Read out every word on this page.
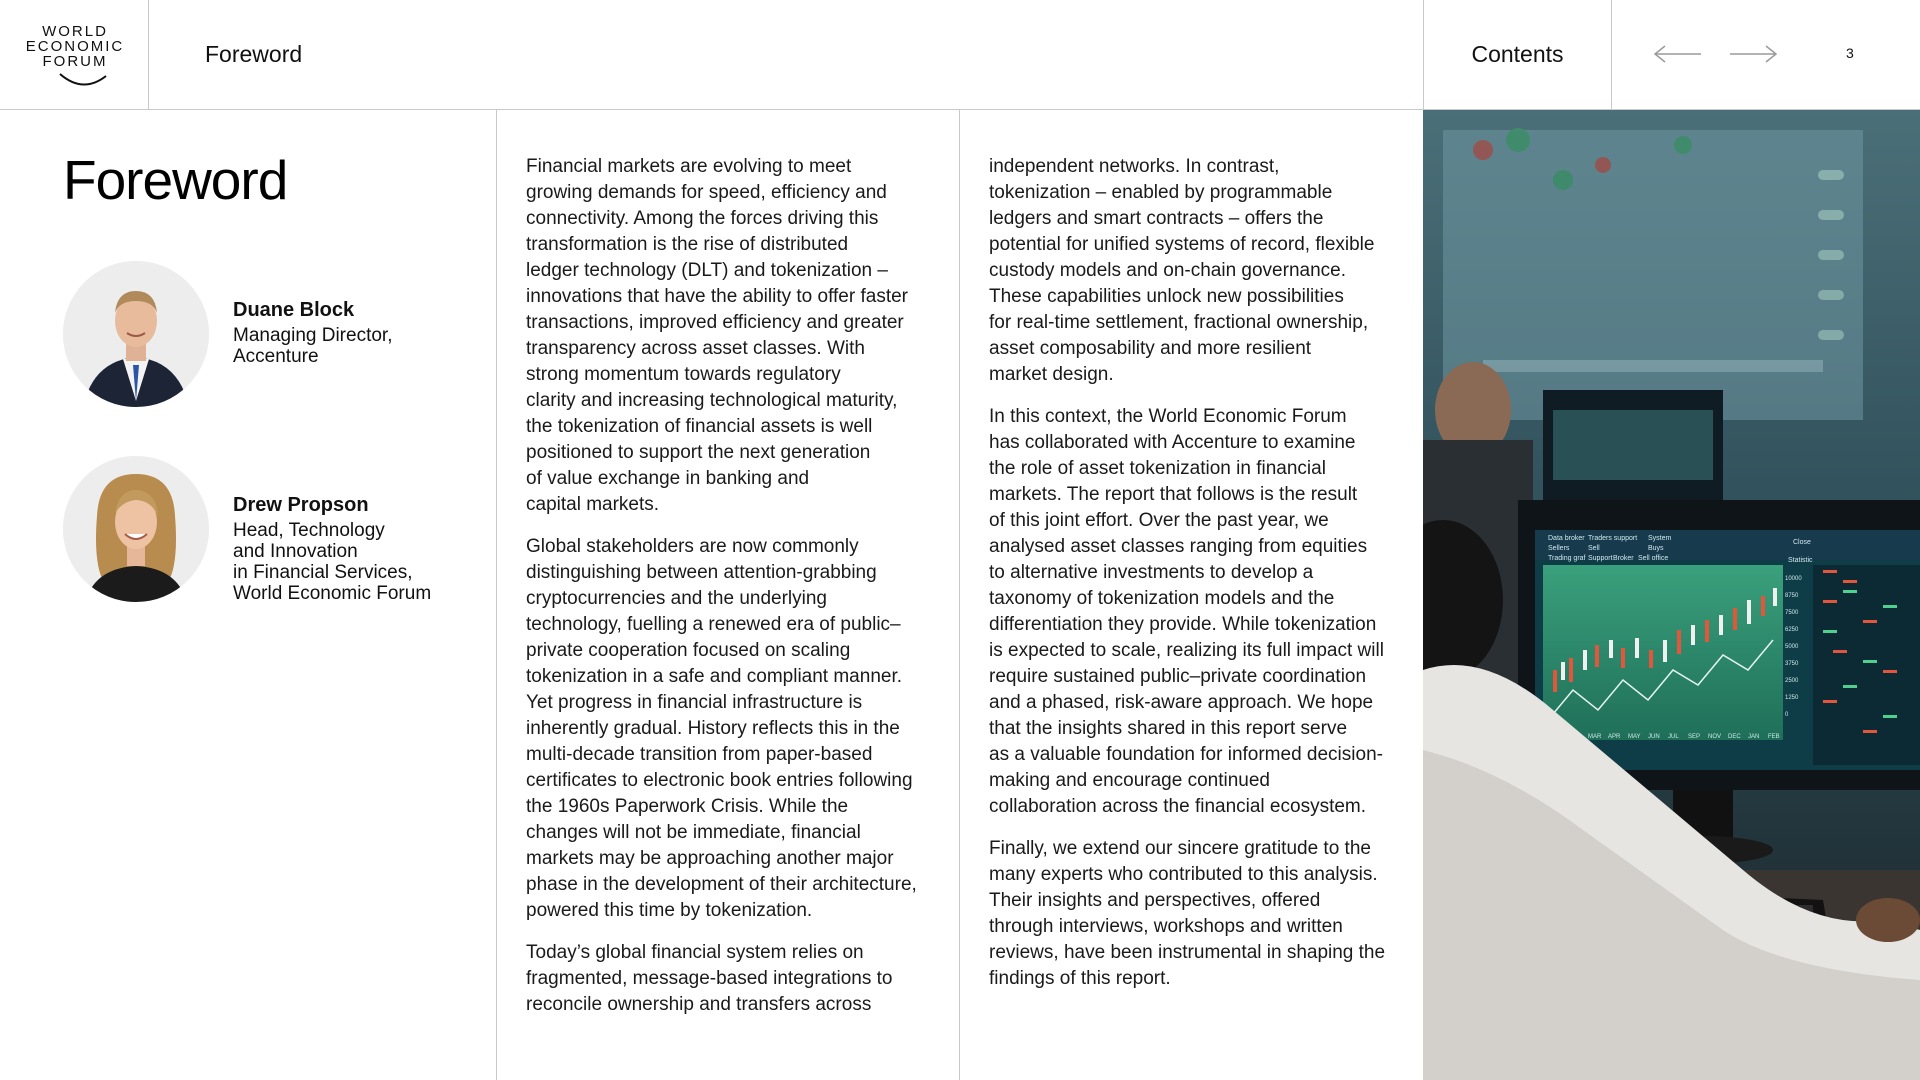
WORLD
ECONOMIC
FORUM	Foreword	Contents	3
Foreword
Duane Block
Managing Director,
Accenture
Drew Propson
Head, Technology
and Innovation
in Financial Services,
World Economic Forum

Financial markets are evolving to meet
growing demands for speed, efficiency and
connectivity. Among the forces driving this
transformation is the rise of distributed
ledger technology (DLT) and tokenization –
innovations that have the ability to offer faster
transactions, improved efficiency and greater
transparency across asset classes. With
strong momentum towards regulatory
clarity and increasing technological maturity,
the tokenization of financial assets is well
positioned to support the next generation
of value exchange in banking and
capital markets.

Global stakeholders are now commonly
distinguishing between attention-grabbing
cryptocurrencies and the underlying
technology, fuelling a renewed era of public–
private cooperation focused on scaling
tokenization in a safe and compliant manner.
Yet progress in financial infrastructure is
inherently gradual. History reflects this in the
multi-decade transition from paper-based
certificates to electronic book entries following
the 1960s Paperwork Crisis. While the
changes will not be immediate, financial
markets may be approaching another major
phase in the development of their architecture,
powered this time by tokenization.

Today’s global financial system relies on
fragmented, message-based integrations to
reconcile ownership and transfers across

independent networks. In contrast,
tokenization – enabled by programmable
ledgers and smart contracts – offers the
potential for unified systems of record, flexible
custody models and on-chain governance.
These capabilities unlock new possibilities
for real-time settlement, fractional ownership,
asset composability and more resilient
market design.

In this context, the World Economic Forum
has collaborated with Accenture to examine
the role of asset tokenization in financial
markets. The report that follows is the result
of this joint effort. Over the past year, we
analysed asset classes ranging from equities
to alternative investments to develop a
taxonomy of tokenization models and the
differentiation they provide. While tokenization
is expected to scale, realizing its full impact will
require sustained public–private coordination
and a phased, risk-aware approach. We hope
that the insights shared in this report serve
as a valuable foundation for informed decision-
making and encourage continued
collaboration across the financial ecosystem.

Finally, we extend our sincere gratitude to the
many experts who contributed to this analysis.
Their insights and perspectives, offered
through interviews, workshops and written
reviews, have been instrumental in shaping the
findings of this report.

Data broker Traders support System
Close
Sellers	Sell	Buys
Trading graf Support Broker Sell office	Statistic
10000
8750
7500
6250
5000
3750
2500
1250
0
MAR APR MAY JUN JUL SEP NOV DEC JAN FEB
